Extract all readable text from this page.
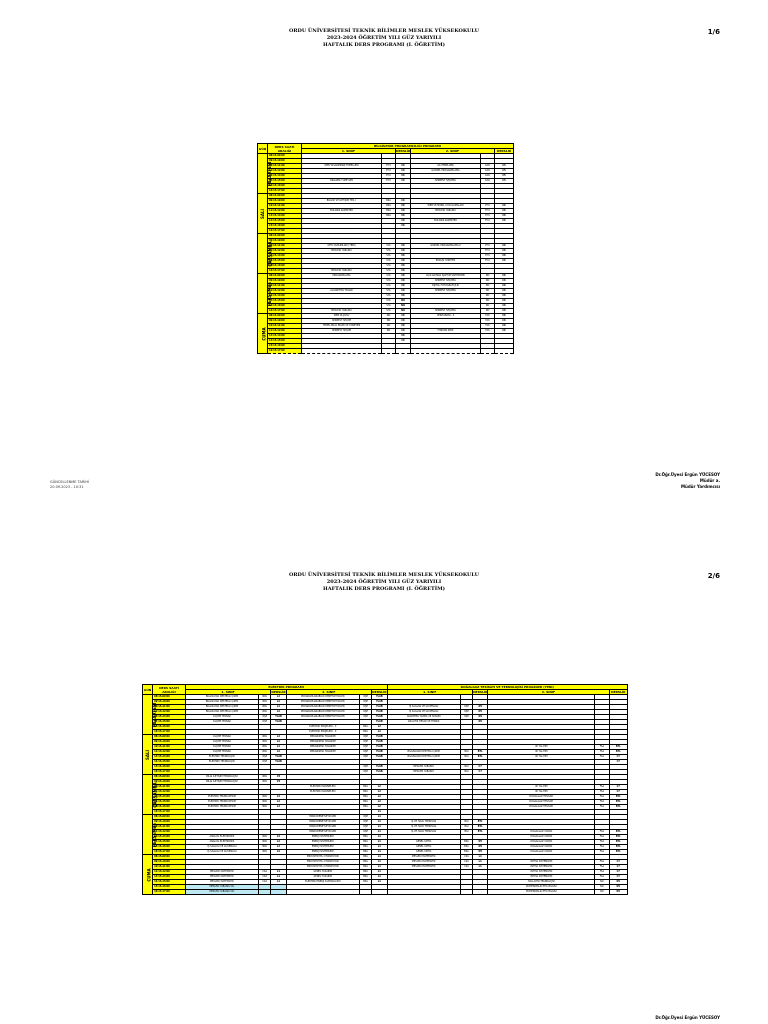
1/6
ORDU ÜNİVERSİTESİ TEKNİK BİLİMLER MESLEK YÜKSEKOKULU
2023-2024 ÖĞRETİM YILI GÜZ YARIYILI
HAFTALIK DERS PROGRAMI (I. ÖĞRETİM)
GÜN	DERS SAATİ ARALIĞI	BİLGİSAYAR PROGRAMCILIĞI PROGRAMI					
		1. SINIF		DERSLİK	2. SINIF		DERSLİK
PAZARTESİ	08:15-09:00						
	09:15-10:00						
	10:15-11:00	WEB TASARIMININ TEMELLERİ	EYU	C6	AĞ TEMELLERİ	KAR	C5
	11:15-12:00		EYU	C6	GÖRSEL PROGRAMLAMA	KAR	C5
	13:15-14:00		EYU	C6		KAR	C5
	14:15-15:00	ORGANİK YÜZEYLER	EYU	C6	SERBEST SEÇMELİ	KAR	C5
	15:15-16:00						
	16:15-17:00						
SALI	08:15-09:00						
	09:15-10:00	BİLGİSİ VE İLETİŞİM TEK. İ	BKA	C6			
	10:15-11:00		BKA	C6	WEB VE MOBİL UYGULAMALARI	EYU	C6
	11:15-12:00	BULANIK KAREKTER	BKA	C6	MESLEKİ YABANCI	EYU	C6
	13:15-14:00		BKA	C6		EYU	C6
	14:15-15:00			C6	BULANIK KAREKTER	EYU	C6
	15:15-16:00			C6			
	16:15-17:00						
ÇARŞAMBA	08:15-09:00						
	09:15-10:00						
	10:15-11:00	OFİS YAZILIMLARI (YENİ)	SYA	C6	GÖRSEL PROGRAMLAMA-II	EYU	C6
	11:15-12:00	MESLEKİ YABANCI	SYA	C6		EYU	C6
	13:15-14:00		SYA	C6		EYU	C6
	14:15-15:00		SYA	C6	ERGUN YÜZEYER	EYU	C6
	15:15-16:00		SYA	C6			
	16:15-17:00	MESLEKİ YABANCI	SYA	C6			
PERŞEMBE	08:15-09:00	PROGRAMLAMA	SYA	C6	AÇIK KAYNAK İŞLETİM SİSTEMLERİ	NO	C6
	09:15-10:00		SYA	C6	SERBEST SEÇMELİ	NO	C6
	10:15-11:00		SYA	C6	DİJİTAL FOTOĞRAFÇILIK	NO	C6
	11:15-12:00	ALGORİTMA TASARI	SYA	C6	SERBEST SEÇMELİ	NO	C6
	13:15-14:00		SYA	C6		NO	C6
	14:15-15:00		SYA	NO		NO	C6
	15:15-16:00		SYA	NO		NO	C6
	16:15-17:00	MESLEKİ YABANCI	SYA	NO	SERBEST SEÇMELİ	NO	C6
CUMA	08:15-09:00	WEB ÖLÇÜSÜ	NO	C6	VERİTABANI - II	FAK	C6
	09:15-10:00	SERBEST SEÇME	NO	C6		FAK	C6
	10:15-11:00	TEMEL BİLGİ BİLİMİ VE YÖNETİMİ	NO	C6		FAK	C6
	11:15-12:00	SERBEST SEÇME	NO	C6	FURKAN SEMİ	FAK	C6
	13:15-14:00			C6			
	14:15-15:00			C6			
	15:15-16:00						
	16:15-17:00						
GÜNCELLENME TARİHİ
20.09.2023 - 10:31
Dr.Öğr.Üyesi Ergün YÜCESOY
Müdür a.
Müdür Yardımcısı
2/6
ORDU ÜNİVERSİTESİ TEKNİK BİLİMLER MESLEK YÜKSEKOKULU
2023-2024 ÖĞRETİM YILI GÜZ YARIYILI
HAFTALIK DERS PROGRAMI (I. ÖĞRETİM)
GÜN	DERS SAATİ ARALIĞI	ELEKTRİK PROGRAMI						DOĞALGAZ TESİSATI VE TEKNOLOJİSİ PROGRAMI (YENİ)					
		1. SINIF		DERSLİK	2. SINIF		DERSLİK	1. SINIF		DERSLİK	2. SINIF		DERSLİK
PAZARTESİ	08:15-09:00	BİLGİSAYAR DESTEKLİ ÇİZİM	NPA	L2	PROGRAMLANABİLİR DENETLEYİCİLER	OŞE	YLAB						
	09:15-10:00	BİLGİSAYAR DESTEKLİ ÇİZİM	NPA	L2	PROGRAMLANABİLİR DENETLEYİCİLER	OŞE	YLAB						
	10:15-11:00	BİLGİSAYAR DESTEKLİ ÇİZİM	NPA	L2	PROGRAMLANABİLİR DENETLEYİCİLER	OŞE	YLAB	İŞ SAĞLIĞI VE GÜVENLİĞİ	OŞE	D5			
	11:15-12:00	BİLGİSAYAR DESTEKLİ ÇİZİM	NPA	L2	PROGRAMLANABİLİR DENETLEYİCİLER	OŞE	YLAB	İŞ SAĞLIĞI VE GÜVENLİĞİ	OŞE	D5			
	13:15-14:00	ÖLÇME TEKNİĞİ	OŞE	YLAB	PROGRAMLANABİLİR DENETLEYİCİLER	OŞE	YLAB	AKADEMİK YAZMA VE SUNUM	OŞE	D5			
	14:15-15:00	ÖLÇME TEKNİĞİ	OŞE	YLAB			YLAB	ANALİTİK HESAP VE TEKNİK		D5			
	15:15-16:00				ELEKTRİK PROJELERİ - II	BKA	L2						
	16:15-17:00				ELEKTRİK PROJELERİ - II	BKA	L2						
SALI	08:15-09:00	ÖLÇME TEKNİĞİ	NPA	L2	MEKANİZMA TASARIMI	OŞE	YLAB						
	09:15-10:00	ÖLÇME TEKNİĞİ	NPA	L2	MEKANİZMA TASARIMI	OŞE	YLAB						
	10:15-11:00	ÖLÇME TEKNİĞİ	NPA	L2	MEKANİZMA TASARIMI	OŞE	YLAB				ISI YALITIM	FSA	BTL
	11:15-12:00	ÖLÇME TEKNİĞİ	NPA	L2	MEKANİZMA TASARIMI	OŞE	YLAB	BİLGİSAYAR DESTEKLİ ÇİZİM	BGİ	BTL	ISI YALITIM	FSA	BTL
	13:15-14:00	ELEKTRİK TEKNOLOJİSİ	OŞE	YLAB		OŞE	YLAB	BİLGİSAYAR DESTEKLİ ÇİZİM	BGİ	BTL	ISI YALITIM	FSA	C7
	14:15-15:00	ELEKTRİK TEKNOLOJİSİ	OŞE	YLAB									C7
	15:15-16:00					OŞE	YLAB	MESLEKİ YABANCI	BGİ	C7			
	16:15-17:00					OŞE	YLAB	MESLEKİ YABANCI	BGİ	C7			
ÇARŞAMBA	08:15-09:00	BİLGİ İLETİŞİM TEKNOLOJİSİ	NPA	C5									
	09:15-10:00	BİLGİ İLETİŞİM TEKNOLOJİSİ	NPA	C5									
	10:15-11:00				ELEKTRİK MAKİNELERİ	BKA	L2				ISI YALITIM	FSA	C7
	11:15-12:00				ELEKTRİK MAKİNELERİ	BKA	L2				ISI YALITIM	FSA	C7
	13:15-14:00	ELEKTRİK TEKNİK RESİM	NPA	L2		BKA	L2				DOĞALGAZ TESİSATI	FSA	BTL
	14:15-15:00	ELEKTRİK TEKNİK RESİM	NPA	L2		BKA	L2				DOĞALGAZ TESİSATI	FSA	BTL
	15:15-16:00	ELEKTRİK TEKNİK RESİM	NPA	L2		BKA	L2				DOĞALGAZ TESİSATI	FSA	BTL
	16:15-17:00						L1						
PERŞEMBE	08:15-09:00				MİKRODENETLEYİCİLER	OŞE	L1						
	09:15-10:00				MİKRODENETLEYİCİLER	OŞE	L1	İŞ VE HAVA TEMİZLİĞİ	BGİ	BTL			
	10:15-11:00				MİKRODENETLEYİCİLER	OŞE	L1	İŞ VE HAVA TEMİZLİĞİ	BGİ	BTL			
	11:15-12:00				MİKRODENETLEYİCİLER	OŞE	L1	İŞ VE HAVA TEMİZLİĞİ	BGİ	BTL	DOĞALGAZ YAKMA	FSA	BTL
	13:15-14:00	ANALOG ELEKTRONİK	NPA	L2	ENERJİ SİSTEMLERİ	BKA	L1				DOĞALGAZ YAKMA	FSA	BTL
	14:15-15:00	ANALOG ELEKTRONİK	NPA	L2	ENERJİ SİSTEMLERİ	BKA	L1	GENEL KİMYA	BKA	D5	DOĞALGAZ YAKMA	FSA	BTL
	15:15-16:00	İŞ SAĞLIĞI VE GÜVENLİĞİ	NPA	L2	ENERJİ SİSTEMLERİ	BKA	L1	GENEL KİMYA	BKA	D5	DOĞALGAZ YAKMA	FSA	BTL
	16:15-17:00	İŞ SAĞLIĞI VE GÜVENLİĞİ	NPA	L2	ENERJİ SİSTEMLERİ	BKA	L1	GENEL KİMYA	BKA	D5	DOĞALGAZ YAKMA	FSA	BTL
CUMA	08:15-09:00				ENDÜSTRİYEL OTOMASYON	BKA	L1	MESLEKİ MATEMATİK	CKA	L1			
	09:15-10:00				ENDÜSTRİYEL OTOMASYON	BKA	L1	MESLEKİ MATEMATİK	CKA	L1	ISITMA SİSTEMLERİ	FSA	C7
	10:15-11:00				ENDÜSTRİYEL OTOMASYON	BKA	L1	MESLEKİ MATEMATİK	CKA	L1	ISITMA SİSTEMLERİ	FSA	C7
	11:15-12:00	MESLEKİ MATEMATİK	CKA	L1	GENEL TASARIM	BKA	L1				ISITMA SİSTEMLERİ	FSA	C7
	13:15-14:00	MESLEKİ MATEMATİK	CKA	L1	GENEL TASARIM	BKA	L1				ISITMA SİSTEMLERİ	FSA	C7
	14:15-15:00	MESLEKİ MATEMATİK	CKA	L1	ELEKTRİK ENERJİ SANTRALLERİ	BKA	L1				HALLAYINI TEKNOLOJİSİ	NO	D5
	15:15-16:00	MESLEKİ YABANCI DİL									MÜHENDİSLİK ETİK BİLGİSİ	NO	D5
	16:15-17:00	MESLEKİ YABANCI DİL									MÜHENDİSLİK ETİK BİLGİSİ	NO	D5
Dr.Öğr.Üyesi Ergün YÜCESOY
